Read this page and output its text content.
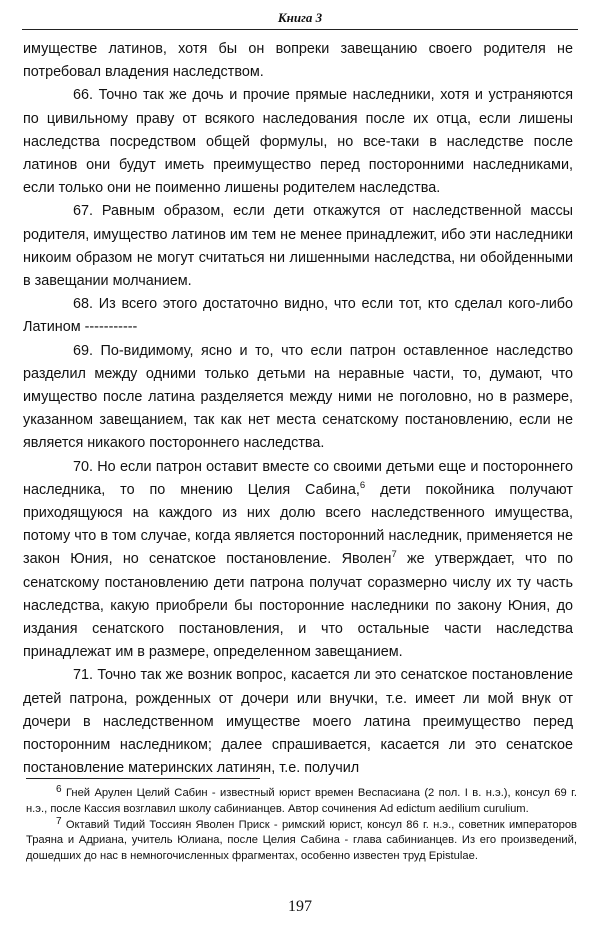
Книга 3

имуществе латинов, хотя бы он вопреки завещанию своего родителя не потребовал владения наследством.

66. Точно так же дочь и прочие прямые наследники, хотя и устраняются по цивильному праву от всякого наследования после их отца, если лишены наследства посредством общей формулы, но все-таки в наследстве после латинов они будут иметь преимущество перед посторонними наследниками, если только они не поименно лишены родителем наследства.

67. Равным образом, если дети откажутся от наследственной массы родителя, имущество латинов им тем не менее принадлежит, ибо эти наследники никоим образом не могут считаться ни лишенными наследства, ни обойденными в завещании молчанием.

68. Из всего этого достаточно видно, что если тот, кто сделал кого-либо Латином -----------

69. По-видимому, ясно и то, что если патрон оставленное наследство разделил между одними только детьми на неравные части, то, думают, что имущество после латина разделяется между ними не поголовно, но в размере, указанном завещанием, так как нет места сенатскому постановлению, если не является никакого постороннего наследства.

70. Но если патрон оставит вместе со своими детьми еще и постороннего наследника, то по мнению Целия Сабина,$^6$ дети покойника получают приходящуюся на каждого из них долю всего наследственного имущества, потому что в том случае, когда является посторонний наследник, применяется не закон Юния, но сенатское постановление. Яволен$^7$ же утверждает, что по сенатскому постановлению дети патрона получат соразмерно числу их ту часть наследства, какую приобрели бы посторонние наследники по закону Юния, до издания сенатского постановления, и что остальные части наследства принадлежат им в размере, определенном завещанием.

71. Точно так же возник вопрос, касается ли это сенатское постановление детей патрона, рожденных от дочери или внучки, т.е. имеет ли мой внук от дочери в наследственном имуществе моего латина преимущество перед посторонним наследником; далее спрашивается, касается ли это сенатское постановление материнских латинян, т.е. получил

$^6$ Гней Арулен Целий Сабин - известный юрист времен Веспасиана (2 пол. I в. н.э.), консул 69 г. н.э., после Кассия возглавил школу сабинианцев. Автор сочинения Ad edictum aedilium curulium.

$^7$ Октавий Тидий Тоссиян Яволен Приск - римский юрист, консул 86 г. н.э., советник императоров Траяна и Адриана, учитель Юлиана, после Целия Сабина - глава сабинианцев. Из его произведений, дошедших до нас в немногочисленных фрагментах, особенно известен труд Epistulae.

197
